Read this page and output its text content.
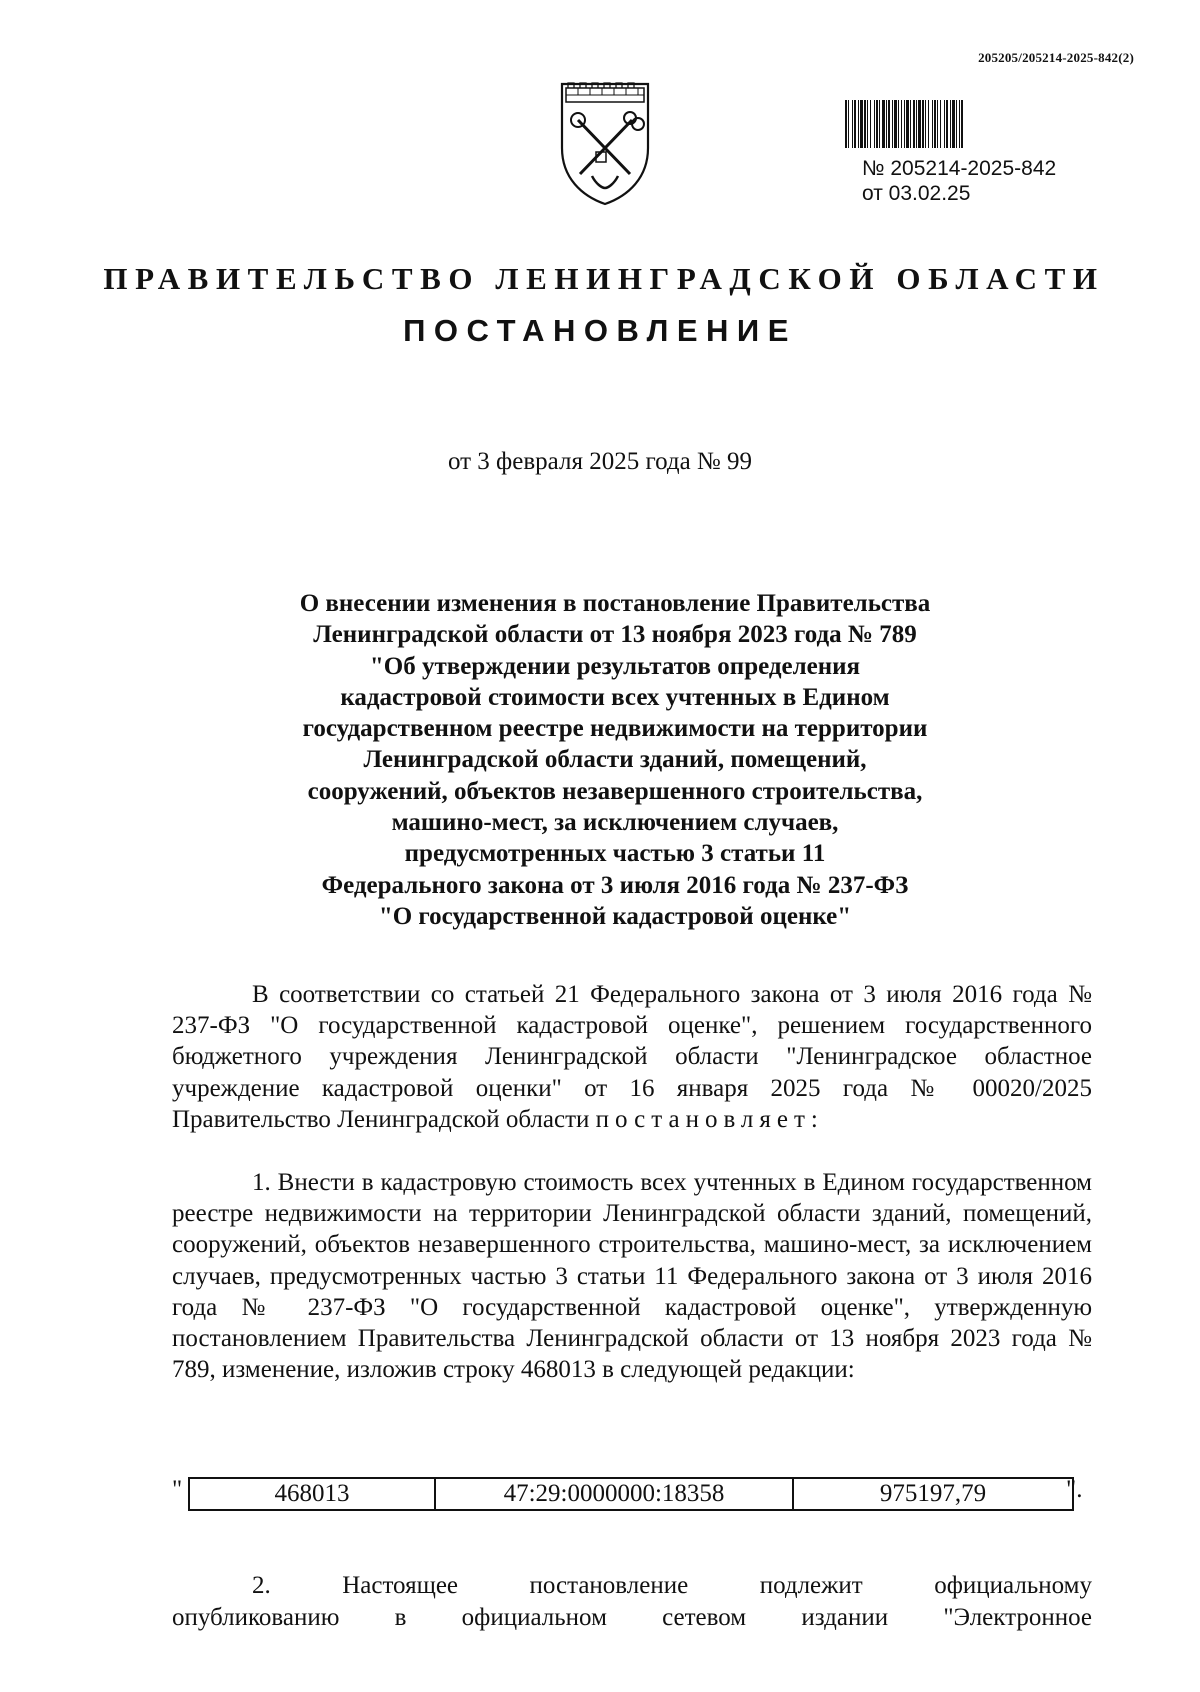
205205/205214-2025-842(2)
№ 205214-2025-842
от 03.02.25
ПРАВИТЕЛЬСТВО ЛЕНИНГРАДСКОЙ ОБЛАСТИ
ПОСТАНОВЛЕНИЕ
от 3 февраля 2025 года № 99
О внесении изменения в постановление Правительства
Ленинградской области от 13 ноября 2023 года № 789
"Об утверждении результатов определения
кадастровой стоимости всех учтенных в Едином
государственном реестре недвижимости на территории
Ленинградской области зданий, помещений,
сооружений, объектов незавершенного строительства,
машино-мест, за исключением случаев,
предусмотренных частью 3 статьи 11
Федерального закона от 3 июля 2016 года № 237-ФЗ
"О государственной кадастровой оценке"
В соответствии со статьей 21 Федерального закона от 3 июля 2016 года № 237-ФЗ "О государственной кадастровой оценке", решением государственного бюджетного учреждения Ленинградской области "Ленинградское областное учреждение кадастровой оценки" от 16 января 2025 года № 00020/2025 Правительство Ленинградской области постановляет:
1. Внести в кадастровую стоимость всех учтенных в Едином государственном реестре недвижимости на территории Ленинградской области зданий, помещений, сооружений, объектов незавершенного строительства, машино-мест, за исключением случаев, предусмотренных частью 3 статьи 11 Федерального закона от 3 июля 2016 года № 237-ФЗ "О государственной кадастровой оценке", утвержденную постановлением Правительства Ленинградской области от 13 ноября 2023 года № 789, изменение, изложив строку 468013 в следующей редакции:
"	468013	47:29:0000000:18358	975197,79	".
2.	Настоящее	постановление	подлежит	официальному
опубликованию в официальном сетевом издании "Электронное
